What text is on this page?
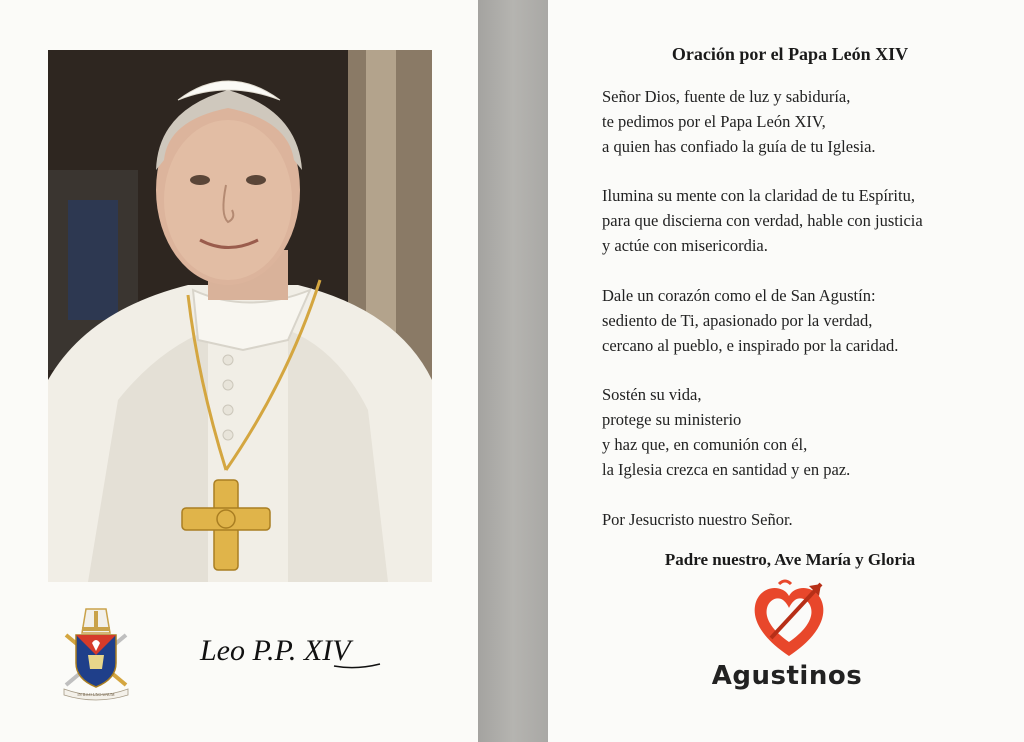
IN ILLO UNO UNUM
Leo P.P. XIV
Oración por el Papa León XIV
Señor Dios, fuente de luz y sabiduría,
te pedimos por el Papa León XIV,
a quien has confiado la guía de tu Iglesia.
Ilumina su mente con la claridad de tu Espíritu,
para que discierna con verdad, hable con justicia
y actúe con misericordia.
Dale un corazón como el de San Agustín:
sediento de Ti, apasionado por la verdad,
cercano al pueblo, e inspirado por la caridad.
Sostén su vida,
protege su ministerio
y haz que, en comunión con él,
la Iglesia crezca en santidad y en paz.
Por Jesucristo nuestro Señor.
Padre nuestro, Ave María y Gloria
Agustinos
